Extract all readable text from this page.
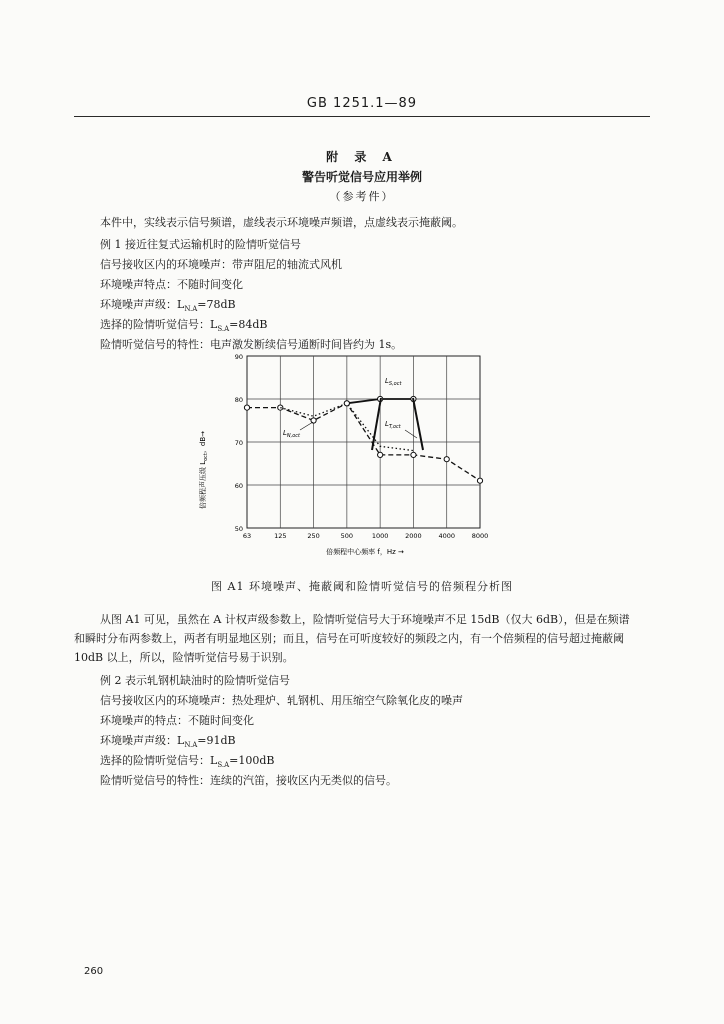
GB 1251.1—89
附 录 A
警告听觉信号应用举例
（参考件）
本件中，实线表示信号频谱，虚线表示环境噪声频谱，点虚线表示掩蔽阈。
例 1 接近往复式运输机时的险情听觉信号
信号接收区内的环境噪声：带声阻尼的轴流式风机
环境噪声特点：不随时间变化
环境噪声声级：$L_{N.A}=78dB$
选择的险情听觉信号：$L_{S.A}=84dB$
险情听觉信号的特性：电声激发断续信号通断时间皆约为 1s。
90
80
70
60
50
63	125	250	500	1000	2000	4000	8000
倍频程声压级 $L_{oct}$，dB→
倍频程中心频率 f，Hz →
$L_{S,oct}$
$L_{T,oct}$
$L_{N,oct}$
图 A1 环境噪声、掩蔽阈和险情听觉信号的倍频程分析图
从图 A1 可见，虽然在 A 计权声级参数上，险情听觉信号大于环境噪声不足 15dB（仅大 6dB），但是在频谱和瞬时分布两参数上，两者有明显地区别；而且，信号在可听度较好的频段之内，有一个倍频程的信号超过掩蔽阈 10dB 以上，所以，险情听觉信号易于识别。
例 2 表示轧钢机缺油时的险情听觉信号
信号接收区内的环境噪声：热处理炉、轧钢机、用压缩空气除氧化皮的噪声
环境噪声的特点：不随时间变化
环境噪声声级：$L_{N.A}=91dB$
选择的险情听觉信号：$L_{S.A}=100dB$
险情听觉信号的特性：连续的汽笛，接收区内无类似的信号。
260
